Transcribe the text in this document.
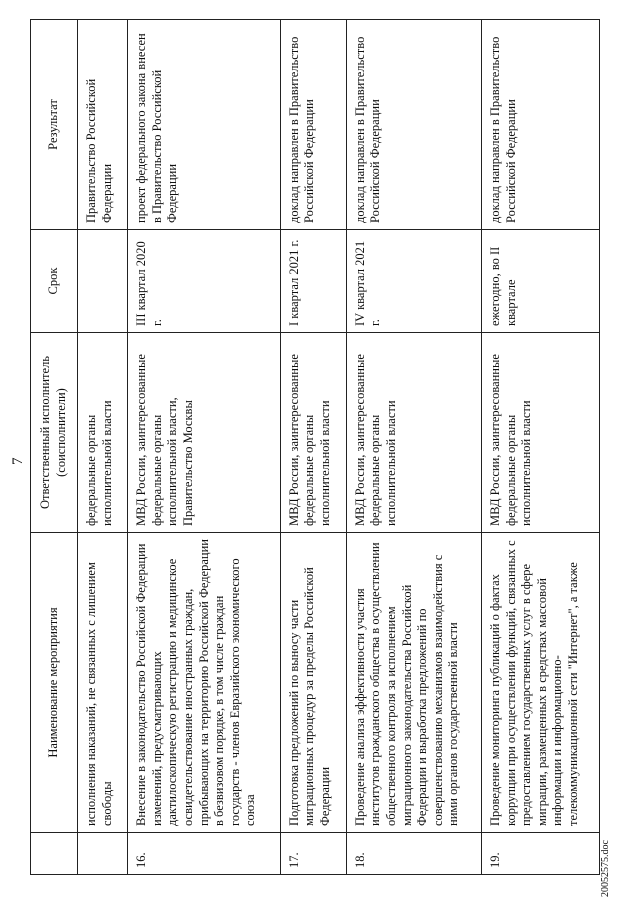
7
	Наименование мероприятия	Ответственный исполнитель (соисполнители)	Срок	Результат
	исполнения наказаний, не связанных с лишением свободы	федеральные органы исполнительной власти		Правительство Российской Федерации
16.	Внесение в законодательство Российской Федерации изменений, предусматривающих дактилоскопическую регистрацию и медицинское освидетельствование иностранных граждан, прибывающих на территорию Российской Федерации в безвизовом порядке, в том числе граждан государств - членов Евразийского экономического союза	МВД России, заинтересованные федеральные органы исполнительной власти, Правительство Москвы	III квартал 2020 г.	проект федерального закона внесен в Правительство Российской Федерации
17.	Подготовка предложений по выносу части миграционных процедур за пределы Российской Федерации	МВД России, заинтересованные федеральные органы исполнительной власти	I квартал 2021 г.	доклад направлен в Правительство Российской Федерации
18.	Проведение анализа эффективности участия институтов гражданского общества в осуществлении общественного контроля за исполнением миграционного законодательства Российской Федерации и выработка предложений по совершенствованию механизмов взаимодействия с ними органов государственной власти	МВД России, заинтересованные федеральные органы исполнительной власти	IV квартал 2021 г.	доклад направлен в Правительство Российской Федерации
19.	Проведение мониторинга публикаций о фактах коррупции при осуществлении функций, связанных с предоставлением государственных услуг в сфере миграции, размещенных в средствах массовой информации и информационно-телекоммуникационной сети "Интернет", а также	МВД России, заинтересованные федеральные органы исполнительной власти	ежегодно, во II квартале	доклад направлен в Правительство Российской Федерации
20052575.doc
